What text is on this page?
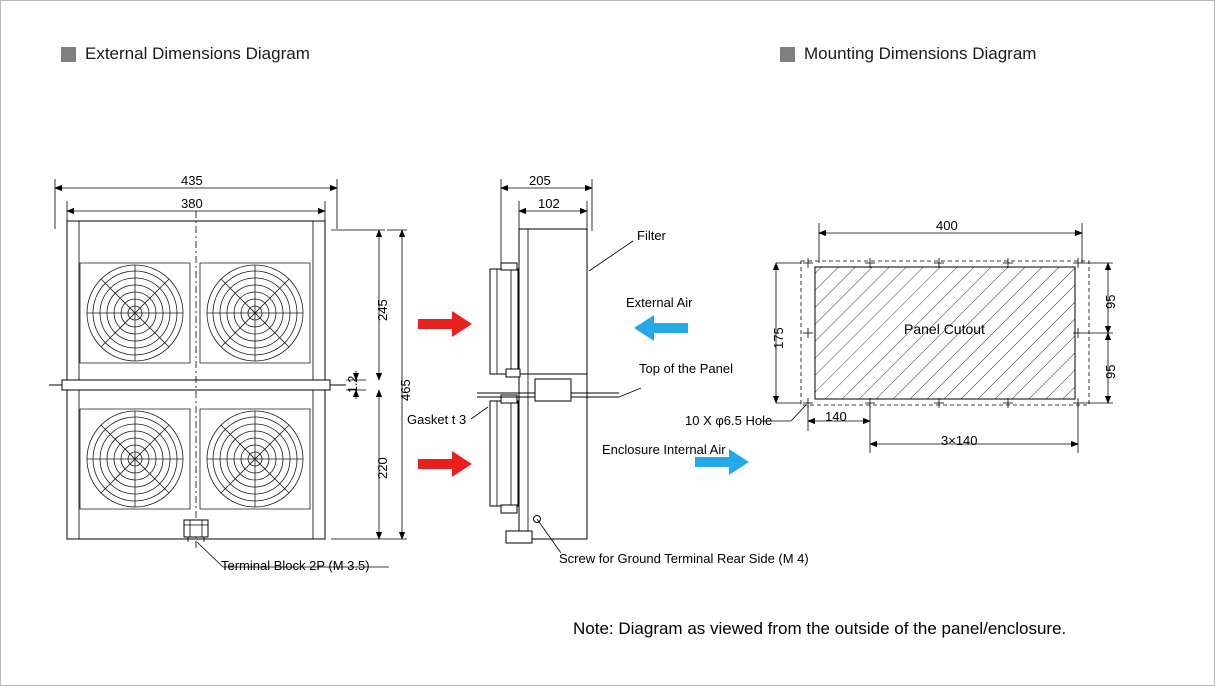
External Dimensions Diagram	Mounting Dimensions Diagram
435
380
245
220
465
1.2
205
102
Filter
External Air
Top of the Panel
Enclosure Internal Air
Gasket t 3
Terminal Block 2P (M 3.5)	Screw for Ground Terminal Rear Side (M 4)
400
175
95
95
140
3×140
Panel Cutout
10 X φ6.5 Hole
Note: Diagram as viewed from the outside of the panel/enclosure.
